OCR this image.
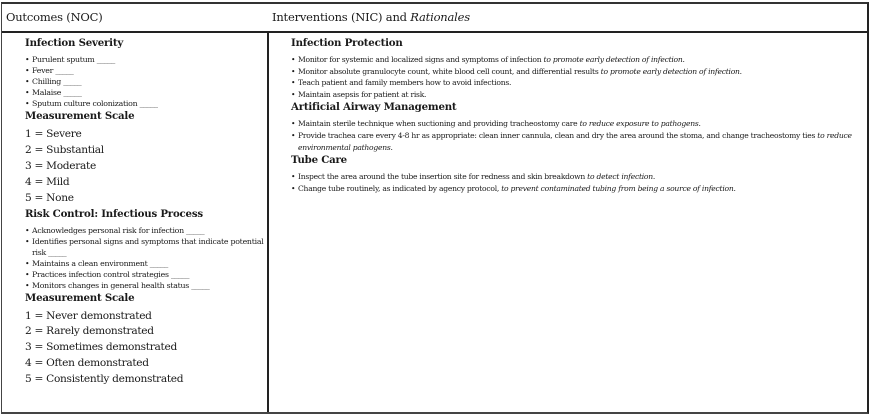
Outcomes (NOC)	Interventions (NIC) and Rationales

Infection Severity

• Purulent sputum _____
• Fever _____
• Chilling _____
• Malaise _____
• Sputum culture colonization _____

Measurement Scale

1 = Severe
2 = Substantial
3 = Moderate
4 = Mild
5 = None

Risk Control: Infectious Process

• Acknowledges personal risk for infection _____
• Identifies personal signs and symptoms that indicate potential risk _____
• Maintains a clean environment _____
• Practices infection control strategies _____
• Monitors changes in general health status _____

Measurement Scale

1 = Never demonstrated
2 = Rarely demonstrated
3 = Sometimes demonstrated
4 = Often demonstrated
5 = Consistently demonstrated

Infection Protection

• Monitor for systemic and localized signs and symptoms of infection to promote early detection of infection.
• Monitor absolute granulocyte count, white blood cell count, and differential results to promote early detection of infection.
• Teach patient and family members how to avoid infections.
• Maintain asepsis for patient at risk.

Artificial Airway Management

• Maintain sterile technique when suctioning and providing tracheostomy care to reduce exposure to pathogens.
• Provide trachea care every 4-8 hr as appropriate: clean inner cannula, clean and dry the area around the stoma, and change tracheostomy ties to reduce environmental pathogens.

Tube Care

• Inspect the area around the tube insertion site for redness and skin breakdown to detect infection.
• Change tube routinely, as indicated by agency protocol, to prevent contaminated tubing from being a source of infection.
